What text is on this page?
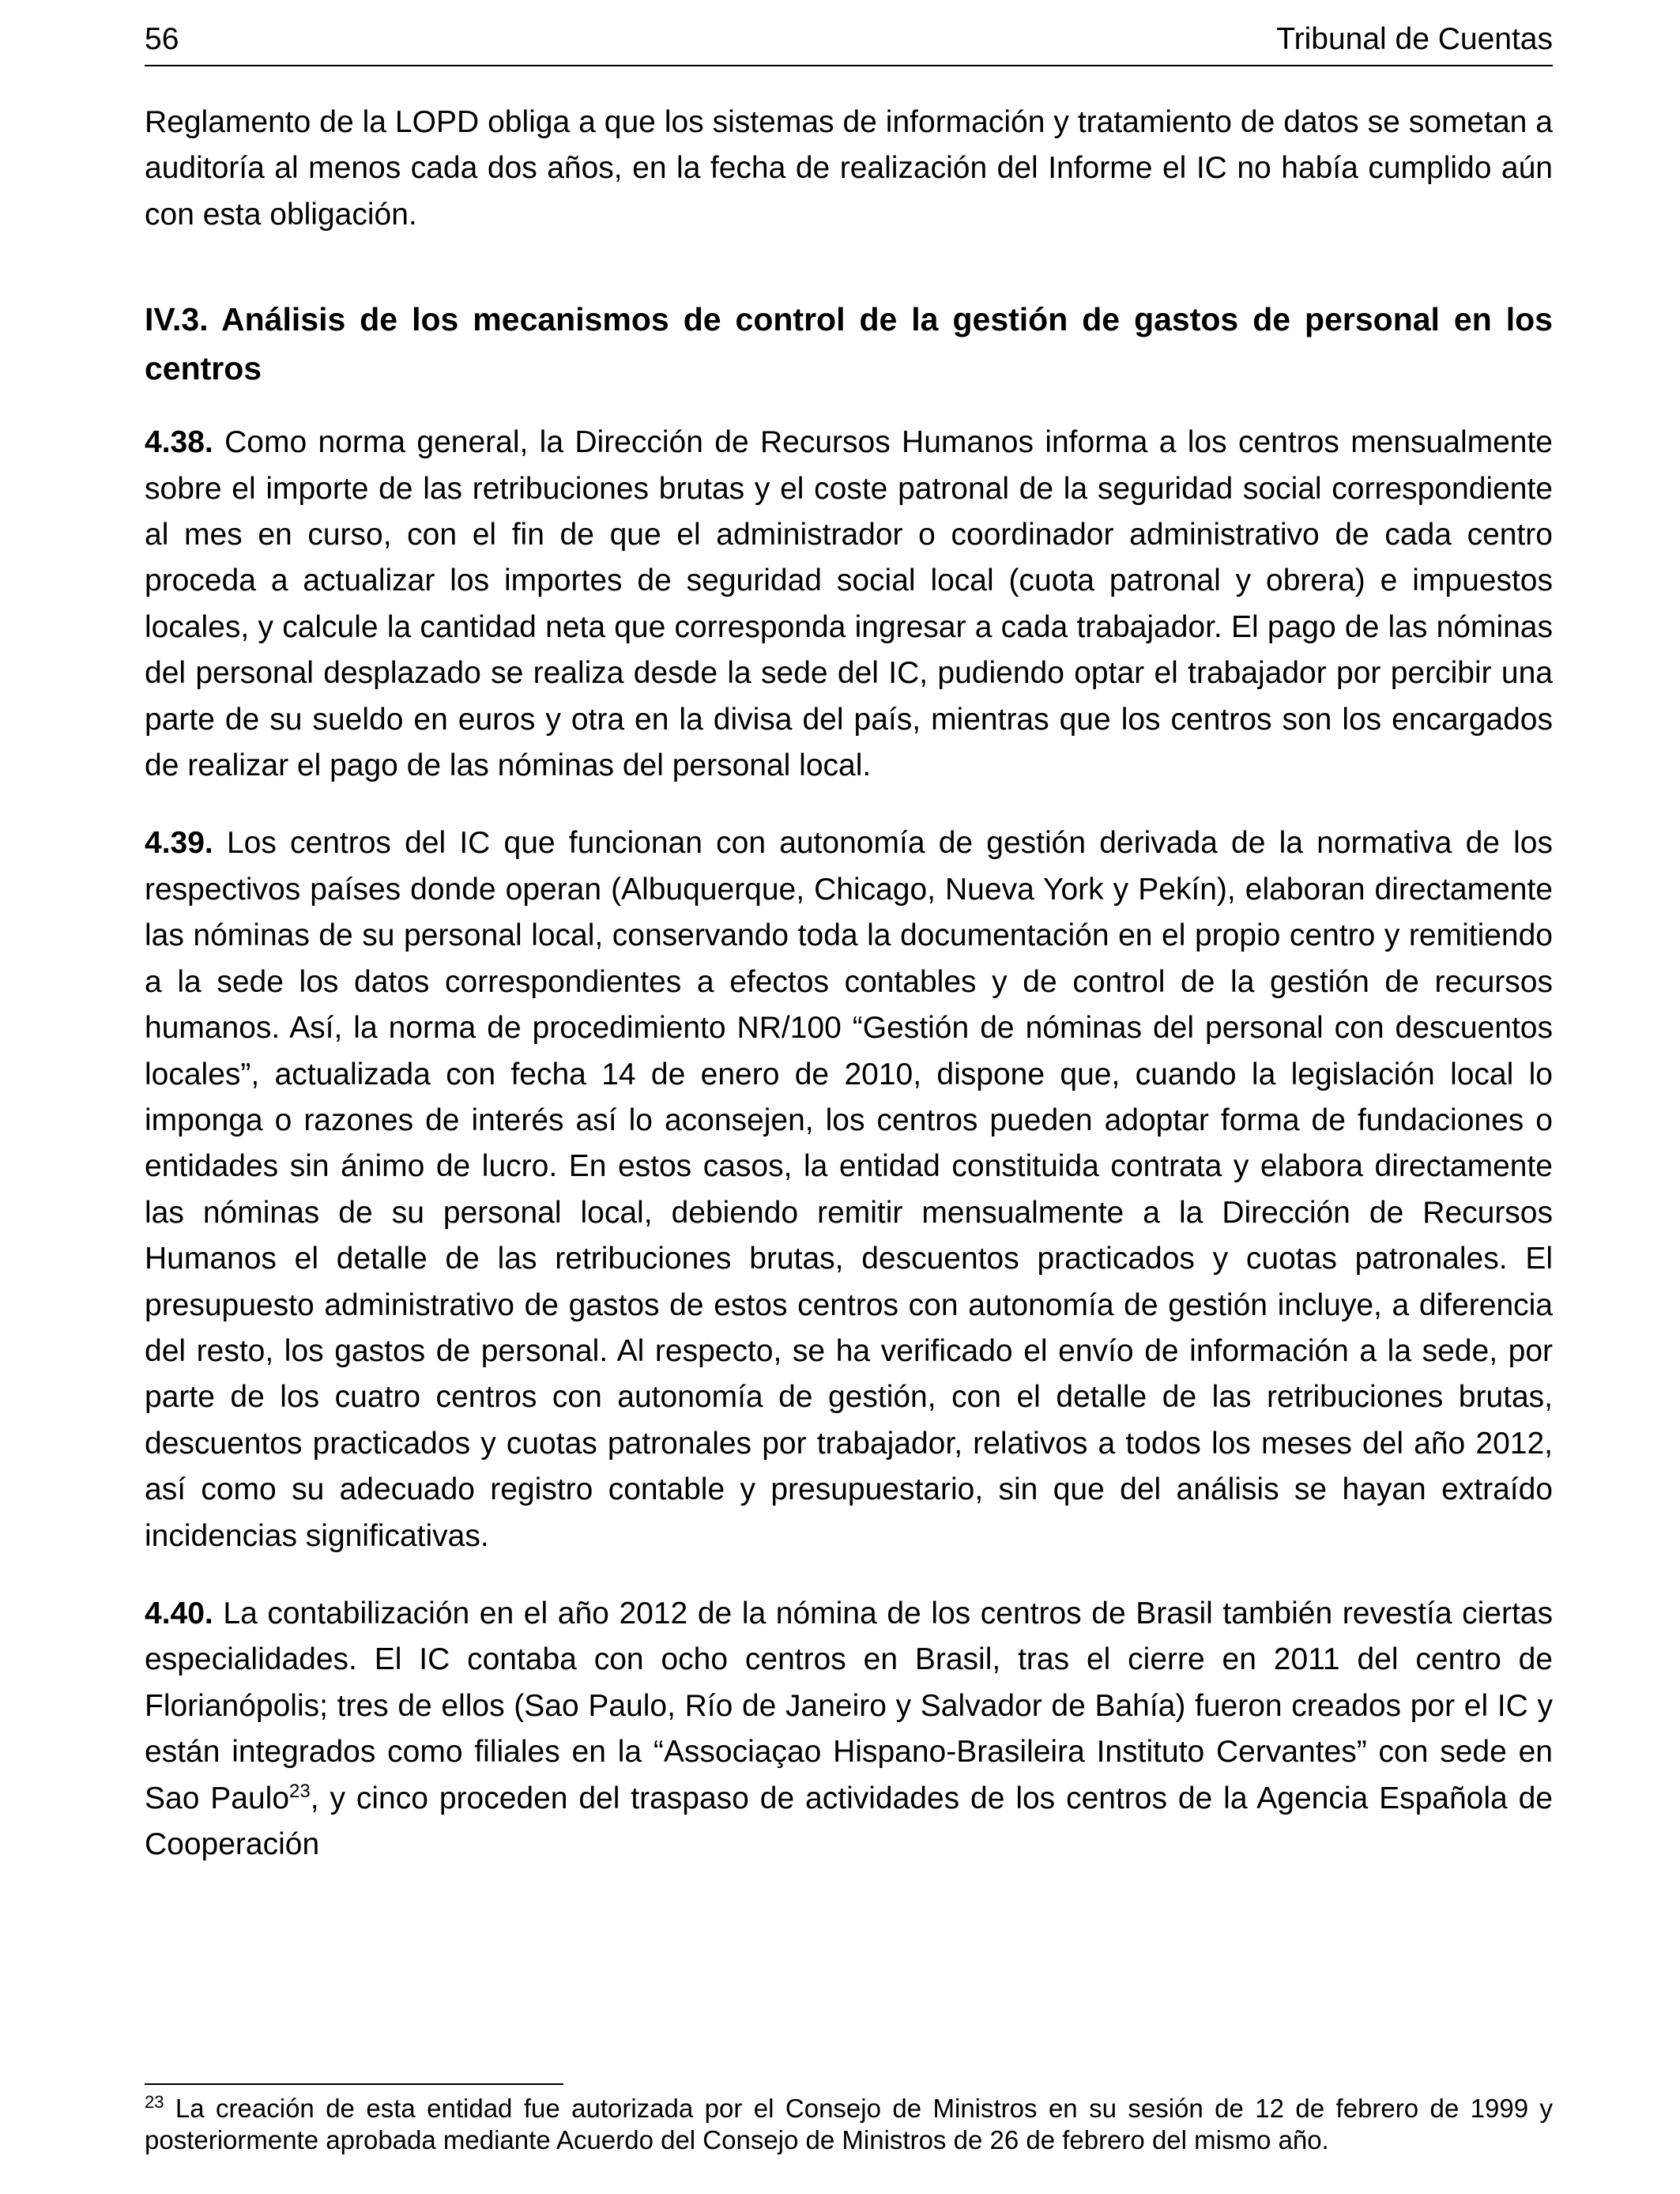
56	Tribunal de Cuentas

Reglamento de la LOPD obliga a que los sistemas de información y tratamiento de datos se sometan a auditoría al menos cada dos años, en la fecha de realización del Informe el IC no había cumplido aún con esta obligación.

IV.3. Análisis de los mecanismos de control de la gestión de gastos de personal en los centros

4.38. Como norma general, la Dirección de Recursos Humanos informa a los centros mensualmente sobre el importe de las retribuciones brutas y el coste patronal de la seguridad social correspondiente al mes en curso, con el fin de que el administrador o coordinador administrativo de cada centro proceda a actualizar los importes de seguridad social local (cuota patronal y obrera) e impuestos locales, y calcule la cantidad neta que corresponda ingresar a cada trabajador. El pago de las nóminas del personal desplazado se realiza desde la sede del IC, pudiendo optar el trabajador por percibir una parte de su sueldo en euros y otra en la divisa del país, mientras que los centros son los encargados de realizar el pago de las nóminas del personal local.

4.39. Los centros del IC que funcionan con autonomía de gestión derivada de la normativa de los respectivos países donde operan (Albuquerque, Chicago, Nueva York y Pekín), elaboran directamente las nóminas de su personal local, conservando toda la documentación en el propio centro y remitiendo a la sede los datos correspondientes a efectos contables y de control de la gestión de recursos humanos. Así, la norma de procedimiento NR/100 “Gestión de nóminas del personal con descuentos locales”, actualizada con fecha 14 de enero de 2010, dispone que, cuando la legislación local lo imponga o razones de interés así lo aconsejen, los centros pueden adoptar forma de fundaciones o entidades sin ánimo de lucro. En estos casos, la entidad constituida contrata y elabora directamente las nóminas de su personal local, debiendo remitir mensualmente a la Dirección de Recursos Humanos el detalle de las retribuciones brutas, descuentos practicados y cuotas patronales. El presupuesto administrativo de gastos de estos centros con autonomía de gestión incluye, a diferencia del resto, los gastos de personal. Al respecto, se ha verificado el envío de información a la sede, por parte de los cuatro centros con autonomía de gestión, con el detalle de las retribuciones brutas, descuentos practicados y cuotas patronales por trabajador, relativos a todos los meses del año 2012, así como su adecuado registro contable y presupuestario, sin que del análisis se hayan extraído incidencias significativas.

4.40. La contabilización en el año 2012 de la nómina de los centros de Brasil también revestía ciertas especialidades. El IC contaba con ocho centros en Brasil, tras el cierre en 2011 del centro de Florianópolis; tres de ellos (Sao Paulo, Río de Janeiro y Salvador de Bahía) fueron creados por el IC y están integrados como filiales en la “Associaçao Hispano-Brasileira Instituto Cervantes” con sede en Sao Paulo$^{23}$, y cinco proceden del traspaso de actividades de los centros de la Agencia Española de Cooperación

$^{23}$ La creación de esta entidad fue autorizada por el Consejo de Ministros en su sesión de 12 de febrero de 1999 y posteriormente aprobada mediante Acuerdo del Consejo de Ministros de 26 de febrero del mismo año.
